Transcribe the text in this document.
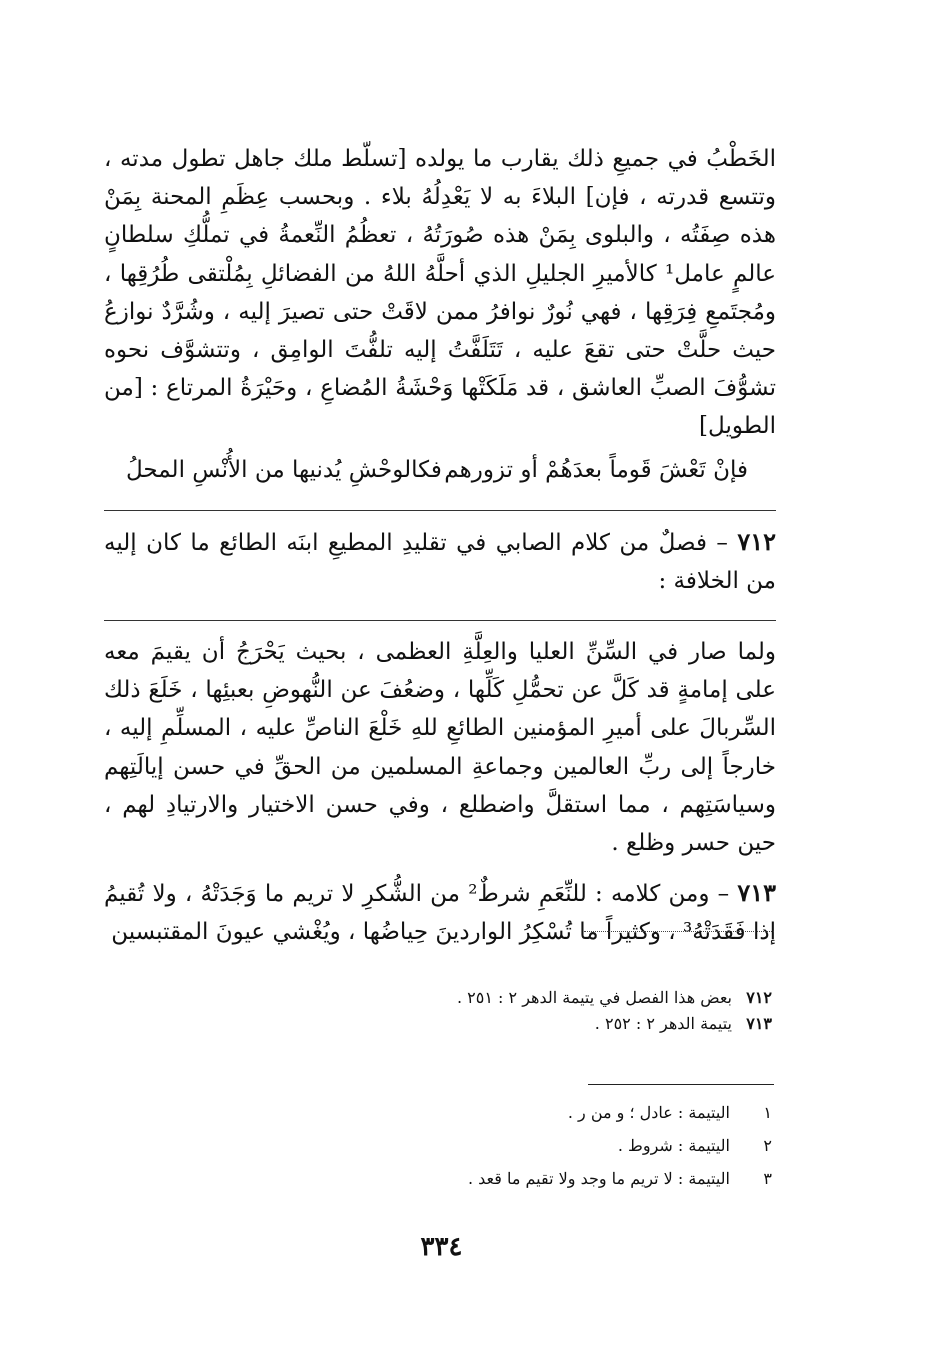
الخَطْبُ في جميعِ ذلك يقارب ما يولده [تسلّط ملك جاهل تطول مدته ، وتتسع قدرته ، فإن] البلاءَ به لا يَعْدِلُهُ بلاء . وبحسب عِظَمِ المحنة بِمَنْ هذه صِفَتُه ، والبلوى بِمَنْ هذه صُورَتُهُ ، تعظُمُ النِّعمةُ في تملُّكِ سلطانٍ عالمٍ عامل¹ كالأميرِ الجليلِ الذي أحلَّهُ اللهُ من الفضائلِ بِمُلْتقى طُرُقِها ، ومُجتَمعِ فِرَقِها ، فهي نُورٌ نوافرُ ممن لاقَتْ حتى تصيرَ إليه ، وشُرَّدٌ نوازعُ حيث حلَّتْ حتى تقعَ عليه ، تَتَلَفَّتُ إليه تلفُّتَ الوامِق ، وتتشوَّف نحوه تشوُّفَ الصبِّ العاشق ، قد مَلَكَتْها وَحْشَةُ المُضاعِ ، وحَيْرَةُ المرتاع : [من الطويل]

فإنْ تَعْشَ قَوماً بعدَهُمْ أو تزورهم
فكالوحْشِ يُدنيها من الأُنْسِ المحلُ

٧١٢ – فصلٌ من كلام الصابي في تقليدِ المطيعِ ابنَه الطائع ما كان إليه من الخلافة :

ولما صار في السِّنِّ العليا والعِلَّةِ العظمى ، بحيث يَحْرَجُ أن يقيمَ معه على إمامةٍ قد كَلَّ عن تحمُّلِ كَلِّها ، وضعُفَ عن النُّهوضِ بعبئِها ، خَلَعَ ذلك السِّربالَ على أميرِ المؤمنين الطائعِ للهِ خَلْعَ الناصِّ عليه ، المسلِّمِ إليه ، خارجاً إلى ربِّ العالمين وجماعةِ المسلمين من الحقِّ في حسن إيالَتِهم وسياسَتِهم ، مما استقلَّ واضطلع ، وفي حسن الاختيار والارتيادِ لهم ، حين حسر وظلع .

٧١٣ – ومن كلامه : للنِّعَمِ شرطٌ² من الشُّكرِ لا تريم ما وَجَدَتْهُ ، ولا تُقيمُ إذا فَقَدَتْهُ³ ، وكثيراً ما تُسْكِرُ الواردينَ حِياضُها ، ويُغْشي عيونَ المقتبسين

٧١٢
بعض هذا الفصل في يتيمة الدهر ٢ : ٢٥١ .
٧١٣
يتيمة الدهر ٢ : ٢٥٢ .
١
اليتيمة : عادل ؛ و من ر .
٢
اليتيمة : شروط .
٣
اليتيمة : لا تريم ما وجد ولا تقيم ما قعد .
٣٣٤
